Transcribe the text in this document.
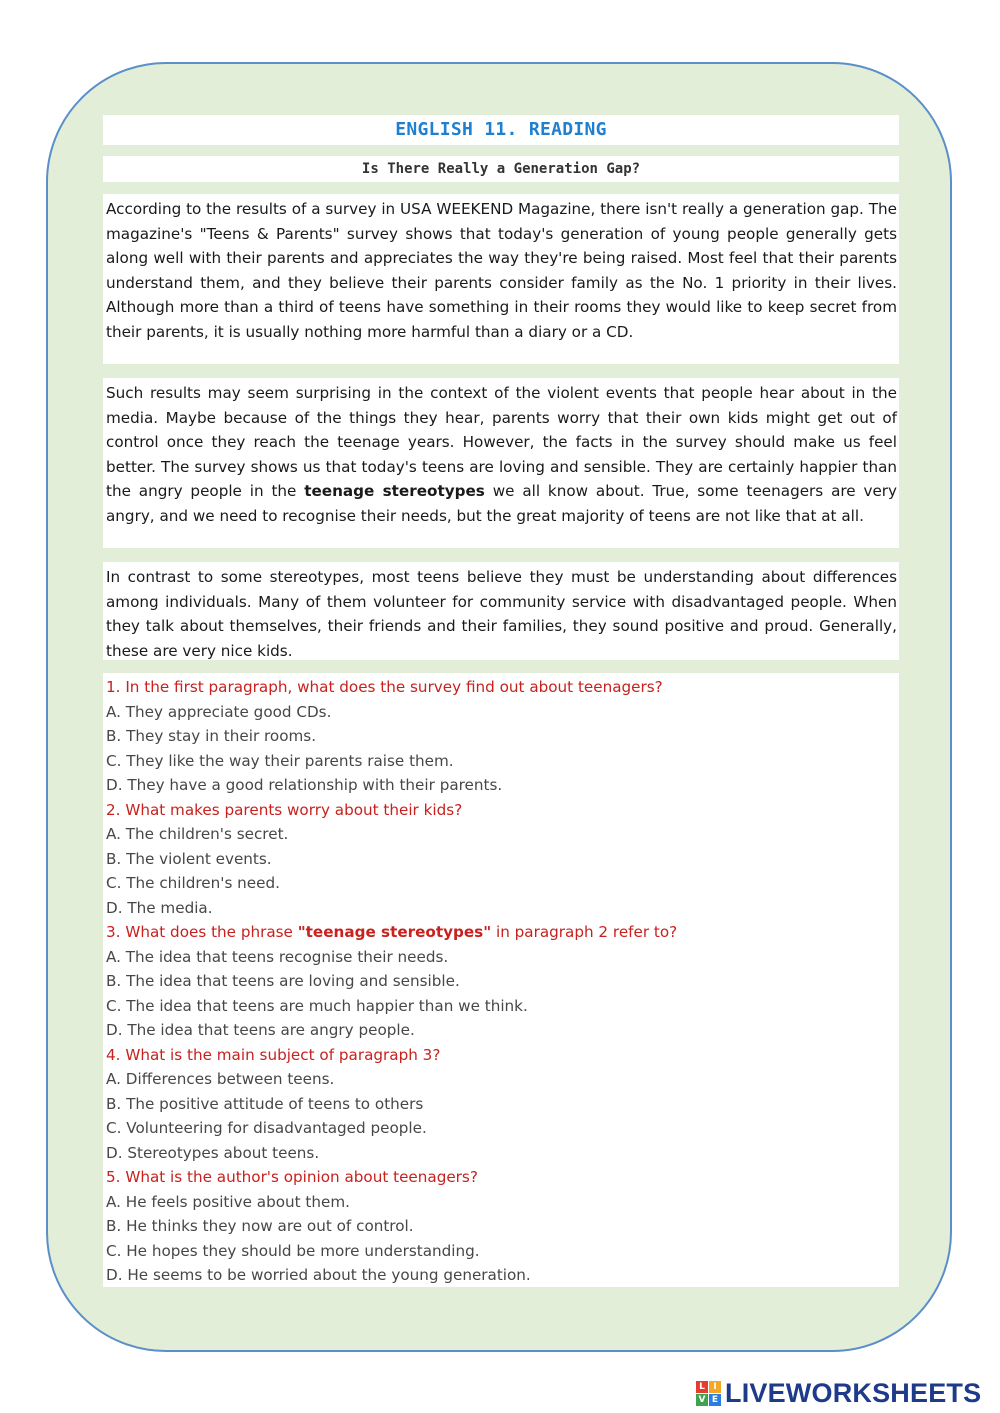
ENGLISH 11. READING
Is There Really a Generation Gap?
According to the results of a survey in USA WEEKEND Magazine, there isn't really a generation gap. The magazine's "Teens & Parents" survey shows that today's generation of young people generally gets along well with their parents and appreciates the way they're being raised. Most feel that their parents understand them, and they believe their parents consider family as the No. 1 priority in their lives. Although more than a third of teens have something in their rooms they would like to keep secret from their parents, it is usually nothing more harmful than a diary or a CD.
Such results may seem surprising in the context of the violent events that people hear about in the media. Maybe because of the things they hear, parents worry that their own kids might get out of control once they reach the teenage years. However, the facts in the survey should make us feel better. The survey shows us that today's teens are loving and sensible. They are certainly happier than the angry people in the teenage stereotypes we all know about. True, some teenagers are very angry, and we need to recognise their needs, but the great majority of teens are not like that at all.
In contrast to some stereotypes, most teens believe they must be understanding about differences among individuals. Many of them volunteer for community service with disadvantaged people. When they talk about themselves, their friends and their families, they sound positive and proud. Generally, these are very nice kids.
1. In the first paragraph, what does the survey find out about teenagers?
A. They appreciate good CDs.
B. They stay in their rooms.
C. They like the way their parents raise them.
D. They have a good relationship with their parents.
2. What makes parents worry about their kids?
A. The children's secret.
B. The violent events.
C. The children's need.
D. The media.
3. What does the phrase "teenage stereotypes" in paragraph 2 refer to?
A. The idea that teens recognise their needs.
B. The idea that teens are loving and sensible.
C. The idea that teens are much happier than we think.
D. The idea that teens are angry people.
4. What is the main subject of paragraph 3?
A. Differences between teens.
B. The positive attitude of teens to others
C. Volunteering for disadvantaged people.
D. Stereotypes about teens.
5. What is the author's opinion about teenagers?
A. He feels positive about them.
B. He thinks they now are out of control.
C. He hopes they should be more understanding.
D. He seems to be worried about the young generation.
L I
V E LIVEWORKSHEETS
